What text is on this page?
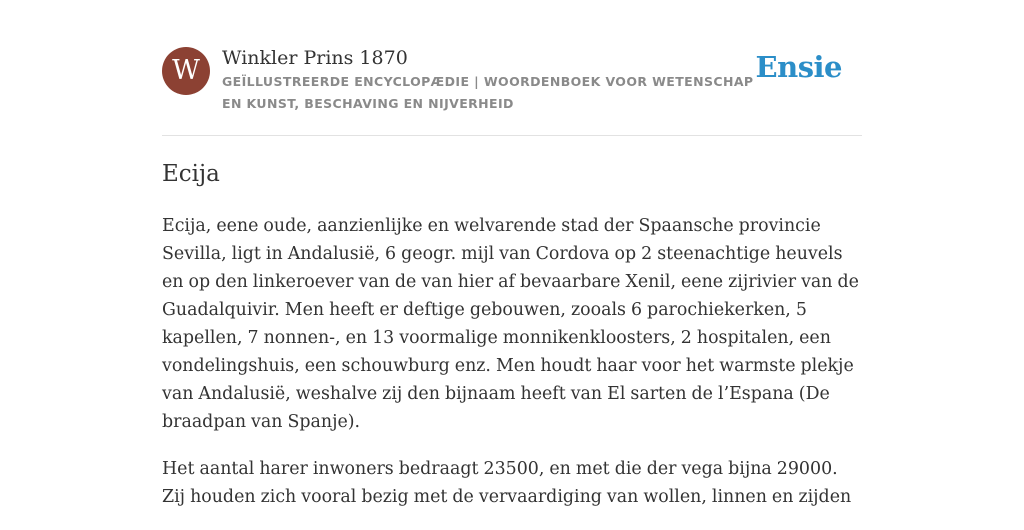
W	Winkler Prins 1870

GEÏLLUSTREERDE ENCYCLOPÆDIE | WOORDENBOEK VOOR WETENSCHAP EN KUNST, BESCHAVING EN NIJVERHEID

Ensie
Ecija

Ecija, eene oude, aanzienlijke en welvarende stad der Spaansche provincie Sevilla, ligt in Andalusië, 6 geogr. mijl van Cordova op 2 steenachtige heuvels en op den linkeroever van de van hier af bevaarbare Xenil, eene zijrivier van de Guadalquivir. Men heeft er deftige gebouwen, zooals 6 parochiekerken, 5 kapellen, 7 nonnen-, en 13 voormalige monnikenkloosters, 2 hospitalen, een vondelingshuis, een schouwburg enz. Men houdt haar voor het warmste plekje van Andalusië, weshalve zij den bijnaam heeft van El sarten de l’Espana (De braadpan van Spanje).

Het aantal harer inwoners bedraagt 23500, en met die der vega bijna 29000. Zij houden zich vooral bezig met de vervaardiging van wollen, linnen en zijden
